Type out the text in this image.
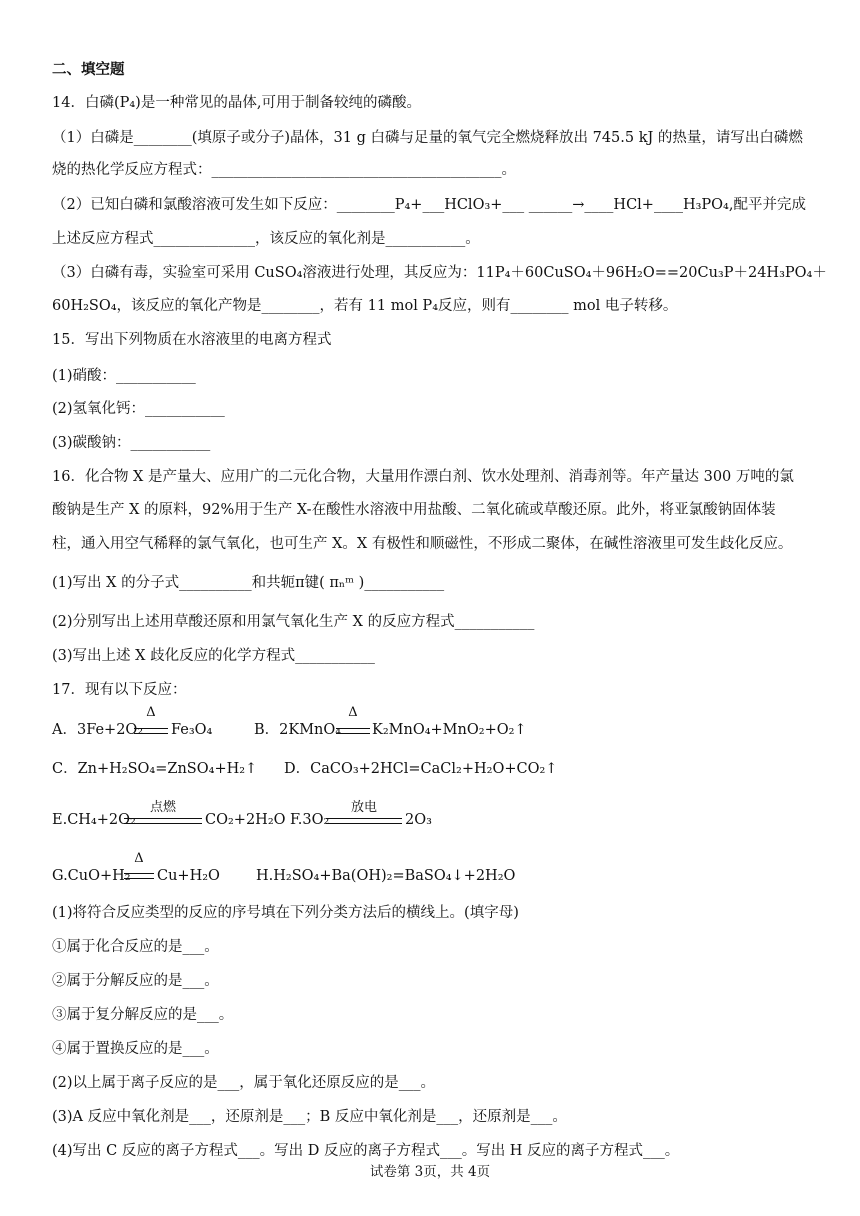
二、填空题
14．白磷(P₄)是一种常见的晶体,可用于制备较纯的磷酸。
（1）白磷是________(填原子或分子)晶体，31 g 白磷与足量的氧气完全燃烧释放出 745.5 kJ 的热量，请写出白磷燃
烧的热化学反应方程式：________________________________________。
（2）已知白磷和氯酸溶液可发生如下反应：________P₄+___HClO₃+___ ______→____HCl+____H₃PO₄,配平并完成
上述反应方程式______________，该反应的氧化剂是___________。
（3）白磷有毒，实验室可采用 CuSO₄溶液进行处理，其反应为：11P₄＋60CuSO₄＋96H₂O==20Cu₃P＋24H₃PO₄＋
60H₂SO₄，该反应的氧化产物是________，若有 11 mol P₄反应，则有________ mol 电子转移。
15．写出下列物质在水溶液里的电离方程式
(1)硝酸：___________
(2)氢氧化钙：___________
(3)碳酸钠：___________
16．化合物 X 是产量大、应用广的二元化合物，大量用作漂白剂、饮水处理剂、消毒剂等。年产量达 300 万吨的氯
酸钠是生产 X 的原料，92%用于生产 X-在酸性水溶液中用盐酸、二氧化硫或草酸还原。此外，将亚氯酸钠固体装
柱，通入用空气稀释的氯气氧化，也可生产 X。X 有极性和顺磁性，不形成二聚体，在碱性溶液里可发生歧化反应。
(1)写出 X 的分子式__________和共轭π键( πₙᵐ )___________
(2)分别写出上述用草酸还原和用氯气氧化生产 X 的反应方程式___________
(3)写出上述 X 歧化反应的化学方程式___________
17．现有以下反应：
A．3Fe+2O₂
Δ
Fe₃O₄	B．2KMnO₄
Δ
K₂MnO₄+MnO₂+O₂↑
C．Zn+H₂SO₄=ZnSO₄+H₂↑ D．CaCO₃+2HCl=CaCl₂+H₂O+CO₂↑
E.CH₄+2O₂
点燃
CO₂+2H₂O F.3O₂
放电
2O₃
G.CuO+H₂
Δ
Cu+H₂O H.H₂SO₄+Ba(OH)₂=BaSO₄↓+2H₂O
(1)将符合反应类型的反应的序号填在下列分类方法后的横线上。(填字母)
①属于化合反应的是___。
②属于分解反应的是___。
③属于复分解反应的是___。
④属于置换反应的是___。
(2)以上属于离子反应的是___，属于氧化还原反应的是___。
(3)A 反应中氧化剂是___，还原剂是___；B 反应中氧化剂是___，还原剂是___。
(4)写出 C 反应的离子方程式___。写出 D 反应的离子方程式___。写出 H 反应的离子方程式___。
试卷第 3页，共 4页
